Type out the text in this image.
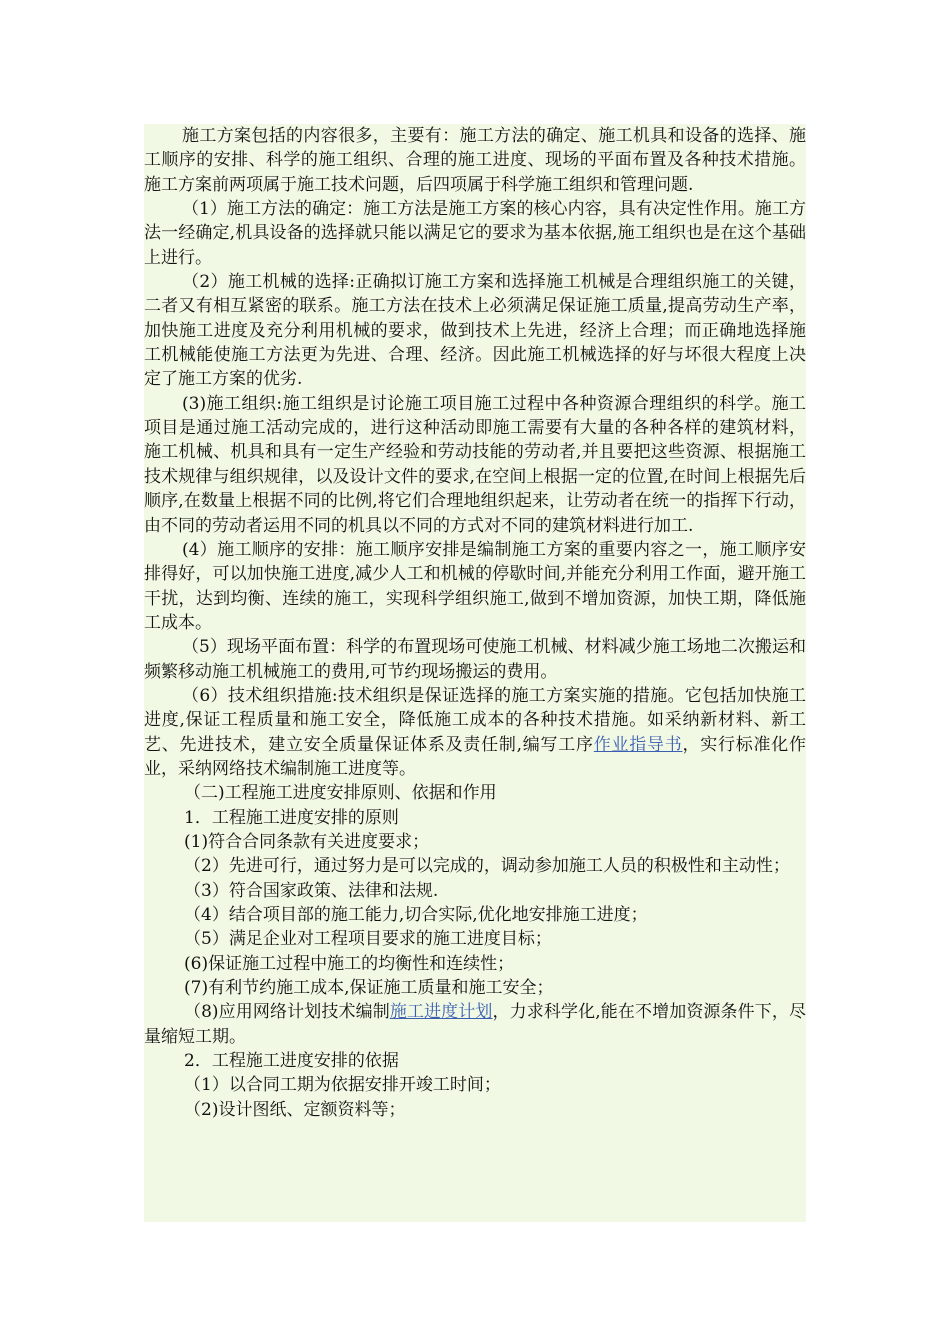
施工方案包括的内容很多，主要有：施工方法的确定、施工机具和设备的选择、施工顺序的安排、科学的施工组织、合理的施工进度、现场的平面布置及各种技术措施。施工方案前两项属于施工技术问题，后四项属于科学施工组织和管理问题.

（1）施工方法的确定：施工方法是施工方案的核心内容，具有决定性作用。施工方法一经确定,机具设备的选择就只能以满足它的要求为基本依据,施工组织也是在这个基础上进行。

（2）施工机械的选择:正确拟订施工方案和选择施工机械是合理组织施工的关键，二者又有相互紧密的联系。施工方法在技术上必须满足保证施工质量,提高劳动生产率，加快施工进度及充分利用机械的要求，做到技术上先进，经济上合理；而正确地选择施工机械能使施工方法更为先进、合理、经济。因此施工机械选择的好与坏很大程度上决定了施工方案的优劣.

(3)施工组织:施工组织是讨论施工项目施工过程中各种资源合理组织的科学。施工项目是通过施工活动完成的，进行这种活动即施工需要有大量的各种各样的建筑材料，施工机械、机具和具有一定生产经验和劳动技能的劳动者,并且要把这些资源、根据施工技术规律与组织规律，以及设计文件的要求,在空间上根据一定的位置,在时间上根据先后顺序,在数量上根据不同的比例,将它们合理地组织起来，让劳动者在统一的指挥下行动，由不同的劳动者运用不同的机具以不同的方式对不同的建筑材料进行加工.

(4）施工顺序的安排：施工顺序安排是编制施工方案的重要内容之一，施工顺序安排得好，可以加快施工进度,减少人工和机械的停歇时间,并能充分利用工作面，避开施工干扰，达到均衡、连续的施工，实现科学组织施工,做到不增加资源，加快工期，降低施工成本。

（5）现场平面布置：科学的布置现场可使施工机械、材料减少施工场地二次搬运和频繁移动施工机械施工的费用,可节约现场搬运的费用。

（6）技术组织措施:技术组织是保证选择的施工方案实施的措施。它包括加快施工进度,保证工程质量和施工安全，降低施工成本的各种技术措施。如采纳新材料、新工艺、先进技术，建立安全质量保证体系及责任制,编写工序作业指导书，实行标准化作业，采纳网络技术编制施工进度等。

（二)工程施工进度安排原则、依据和作用

1．工程施工进度安排的原则

(1)符合合同条款有关进度要求；

（2）先进可行，通过努力是可以完成的，调动参加施工人员的积极性和主动性；

（3）符合国家政策、法律和法规.

（4）结合项目部的施工能力,切合实际,优化地安排施工进度；

（5）满足企业对工程项目要求的施工进度目标；

(6)保证施工过程中施工的均衡性和连续性；

(7)有利节约施工成本,保证施工质量和施工安全；

（8)应用网络计划技术编制施工进度计划，力求科学化,能在不增加资源条件下，尽量缩短工期。

2．工程施工进度安排的依据

（1）以合同工期为依据安排开竣工时间；

（2)设计图纸、定额资料等；
